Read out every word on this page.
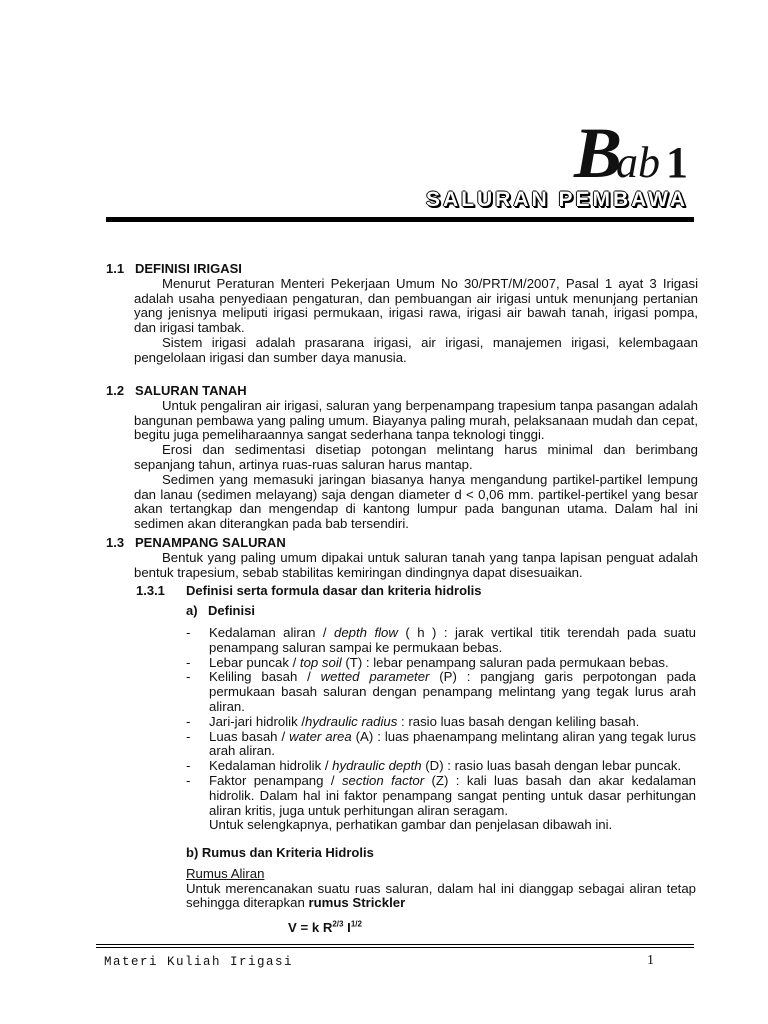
Bab 1
SALURAN PEMBAWA
1.1 DEFINISI IRIGASI

Menurut Peraturan Menteri Pekerjaan Umum No 30/PRT/M/2007, Pasal 1 ayat 3 Irigasi adalah usaha penyediaan pengaturan, dan pembuangan air irigasi untuk menunjang pertanian yang jenisnya meliputi irigasi permukaan, irigasi rawa, irigasi air bawah tanah, irigasi pompa, dan irigasi tambak.

Sistem irigasi adalah prasarana irigasi, air irigasi, manajemen irigasi, kelembagaan pengelolaan irigasi dan sumber daya manusia.

1.2 SALURAN TANAH

Untuk pengaliran air irigasi, saluran yang berpenampang trapesium tanpa pasangan adalah bangunan pembawa yang paling umum. Biayanya paling murah, pelaksanaan mudah dan cepat, begitu juga pemeliharaannya sangat sederhana tanpa teknologi tinggi.

Erosi dan sedimentasi disetiap potongan melintang harus minimal dan berimbang sepanjang tahun, artinya ruas-ruas saluran harus mantap.

Sedimen yang memasuki jaringan biasanya hanya mengandung partikel-partikel lempung dan lanau (sedimen melayang) saja dengan diameter d < 0,06 mm. partikel-pertikel yang besar akan tertangkap dan mengendap di kantong lumpur pada bangunan utama. Dalam hal ini sedimen akan diterangkan pada bab tersendiri.

1.3 PENAMPANG SALURAN

Bentuk yang paling umum dipakai untuk saluran tanah yang tanpa lapisan penguat adalah bentuk trapesium, sebab stabilitas kemiringan dindingnya dapat disesuaikan.

1.3.1 Definisi serta formula dasar dan kriteria hidrolis
a) Definisi
- Kedalaman aliran / depth flow ( h ) : jarak vertikal titik terendah pada suatu penampang saluran sampai ke permukaan bebas.
- Lebar puncak / top soil (T) : lebar penampang saluran pada permukaan bebas.
- Keliling basah / wetted parameter (P) : pangjang garis perpotongan pada permukaan basah saluran dengan penampang melintang yang tegak lurus arah aliran.
- Jari-jari hidrolik /hydraulic radius : rasio luas basah dengan keliling basah.
- Luas basah / water area (A) : luas phaenampang melintang aliran yang tegak lurus arah aliran.
- Kedalaman hidrolik / hydraulic depth (D) : rasio luas basah dengan lebar puncak.
- Faktor penampang / section factor (Z) : kali luas basah dan akar kedalaman hidrolik. Dalam hal ini faktor penampang sangat penting untuk dasar perhitungan aliran kritis, juga untuk perhitungan aliran seragam.

Untuk selengkapnya, perhatikan gambar dan penjelasan dibawah ini.

b) Rumus dan Kriteria Hidrolis
Rumus Aliran

Untuk merencanakan suatu ruas saluran, dalam hal ini dianggap sebagai aliran tetap sehingga diterapkan rumus Strickler

V = k $R^{2/3}$ $I^{1/2}$
Materi Kuliah Irigasi	1
